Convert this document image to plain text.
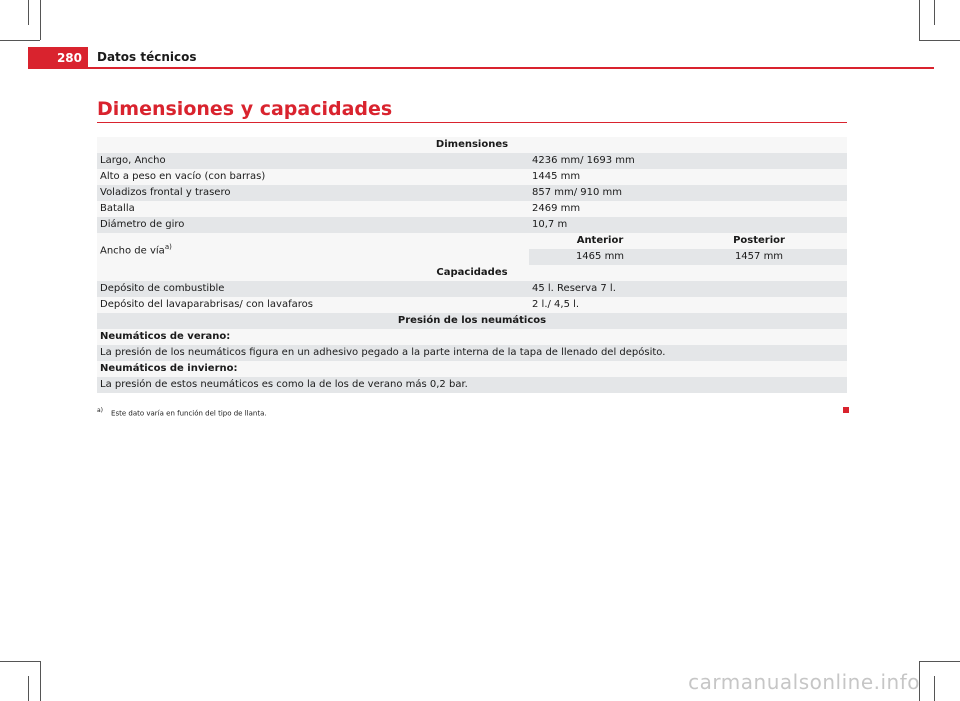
280	Datos técnicos
Dimensiones y capacidades
Dimensiones		
Largo, Ancho	4236 mm/ 1693 mm	
Alto a peso en vacío (con barras)	1445 mm	
Voladizos frontal y trasero	857 mm/ 910 mm	
Batalla	2469 mm	
Diámetro de giro	10,7 m	
Ancho de vía$^{a)}$	Anterior	Posterior
	1465 mm	1457 mm
Capacidades		
Depósito de combustible	45 l. Reserva 7 l.	
Depósito del lavaparabrisas/ con lavafaros	2 l./ 4,5 l.	
Presión de los neumáticos		
Neumáticos de verano:		
La presión de los neumáticos figura en un adhesivo pegado a la parte interna de la tapa de llenado del depósito.		
Neumáticos de invierno:		
La presión de estos neumáticos es como la de los de verano más 0,2 bar.		
a) Este dato varía en función del tipo de llanta.
carmanualsonline.info
